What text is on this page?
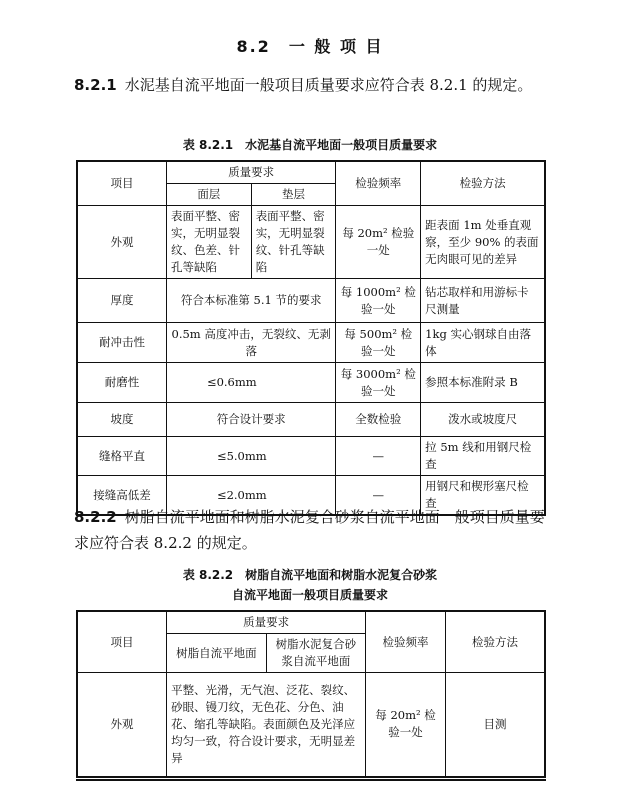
8.2　一 般 项 目
8.2.1 水泥基自流平地面一般项目质量要求应符合表 8.2.1 的规定。
表 8.2.1　水泥基自流平地面一般项目质量要求
项目	质量要求		检验频率	检验方法
	面层	垫层		
外观	表面平整、密实，无明显裂纹、色差、针孔等缺陷	表面平整、密实，无明显裂纹、针孔等缺陷	每 20m² 检验一处	距表面 1m 处垂直观察，至少 90% 的表面无肉眼可见的差异
厚度	符合本标准第 5.1 节的要求		每 1000m² 检验一处	钻芯取样和用游标卡尺测量
耐冲击性	0.5m 高度冲击，无裂纹、无剥落		每 500m² 检验一处	1kg 实心钢球自由落体
耐磨性	≤0.6mm		每 3000m² 检验一处	参照本标准附录 B
坡度	符合设计要求		全数检验	泼水或坡度尺
缝格平直	≤5.0mm		—	拉 5m 线和用钢尺检查
接缝高低差	≤2.0mm		—	用钢尺和楔形塞尺检查
8.2.2 树脂自流平地面和树脂水泥复合砂浆自流平地面一般项目质量要求应符合表 8.2.2 的规定。
表 8.2.2　树脂自流平地面和树脂水泥复合砂浆
自流平地面一般项目质量要求
项目	质量要求		检验频率	检验方法
	树脂自流平地面	树脂水泥复合砂浆自流平地面		
外观	平整、光滑，无气泡、泛花、裂纹、砂眼、镘刀纹，无色花、分色、油花、缩孔等缺陷。表面颜色及光泽应均匀一致，符合设计要求，无明显差异		每 20m² 检验一处	目测
